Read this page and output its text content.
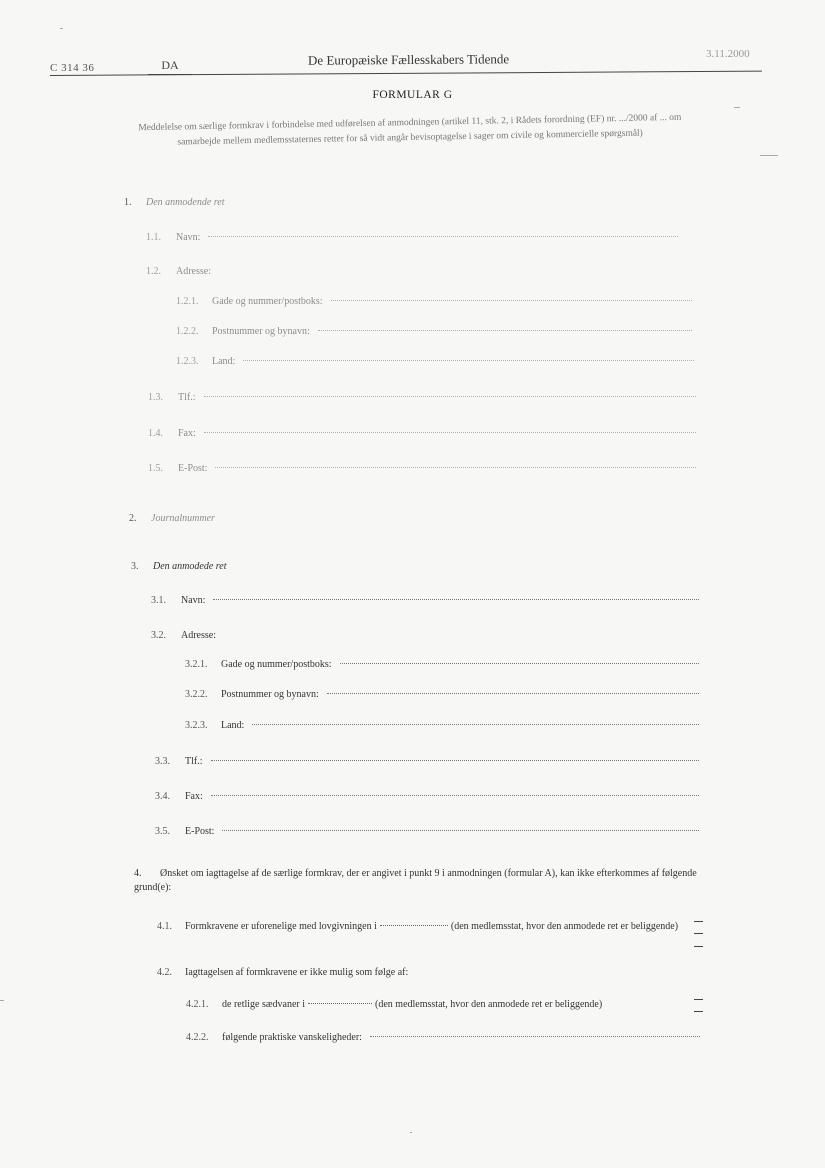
C 314 36	DA	De Europæiske Fællesskabers Tidende	3.11.2000
FORMULAR G
Meddelelse om særlige formkrav i forbindelse med udførelsen af anmodningen (artikel 11, stk. 2, i Rådets forordning (EF) nr. .../2000 af ... om samarbejde mellem medlemsstaternes retter for så vidt angår bevisoptagelse i sager om civile og kommercielle spørgsmål)
1.	Den anmodende ret
1.1.	Navn:
1.2.	Adresse:
1.2.1.	Gade og nummer/postboks:
1.2.2.	Postnummer og bynavn:
1.2.3.	Land:
1.3.	Tlf.:
1.4.	Fax:
1.5.	E-Post:
2.	Journalnummer
3.	Den anmodede ret
3.1.	Navn:
3.2.	Adresse:
3.2.1.	Gade og nummer/postboks:
3.2.2.	Postnummer og bynavn:
3.2.3.	Land:
3.3.	Tlf.:
3.4.	Fax:
3.5.	E-Post:
4. Ønsket om iagttagelse af de særlige formkrav, der er angivet i punkt 9 i anmodningen (formular A), kan ikke efterkommes af følgende grund(e):
4.1. Formkravene er uforenelige med lovgivningen i	(den medlemsstat, hvor den anmodede ret er beliggende)
4.2. Iagttagelsen af formkravene er ikke mulig som følge af:
4.2.1. de retlige sædvaner i	(den medlemsstat, hvor den anmodede ret er beliggende)
4.2.2.	følgende praktiske vanskeligheder:
